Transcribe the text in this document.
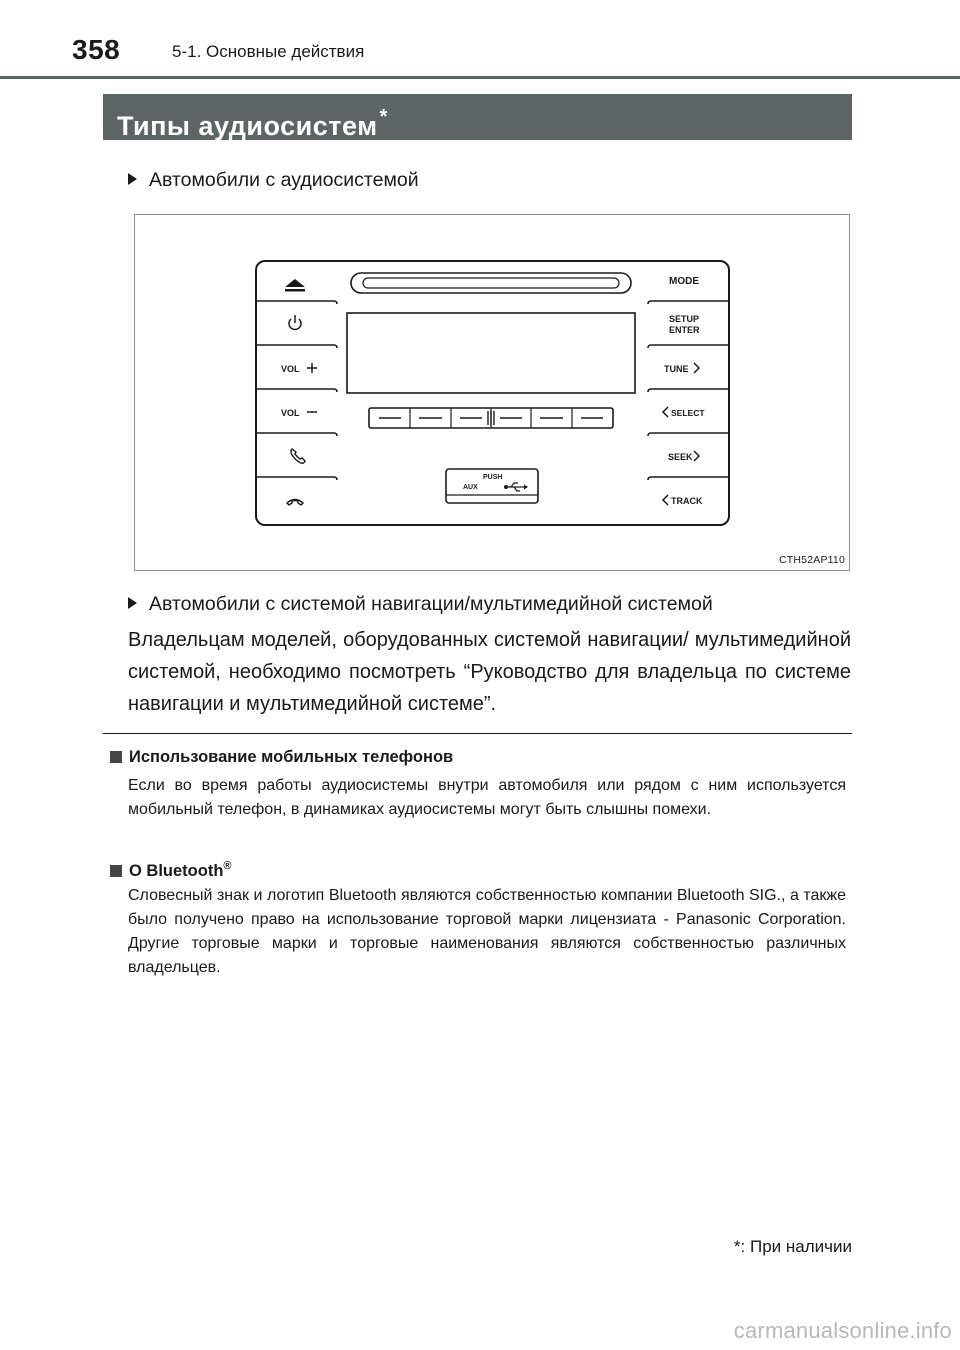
358	5-1. Основные действия
Типы аудиосистем *
Автомобили с аудиосистемой
PUSH
AUX
VOL
VOL
MODE
SETUP
ENTER
TUNE
SELECT
SEEK
TRACK
CTH52AP110
Автомобили с системой навигации/мультимедийной системой
Владельцам моделей, оборудованных системой навигации/ мультимедийной системой, необходимо посмотреть “Руководство для владельца по системе навигации и мультимедийной системе”.
Использование мобильных телефонов
Если во время работы аудиосистемы внутри автомобиля или рядом с ним используется мобильный телефон, в динамиках аудиосистемы могут быть слышны помехи.
О Bluetooth®
Словесный знак и логотип Bluetooth являются собственностью компании Bluetooth SIG., а также было получено право на использование торговой марки лицензиата - Panasonic Corporation. Другие торговые марки и торговые наименования являются собственностью различных владельцев.
*: При наличии
carmanualsonline.info
